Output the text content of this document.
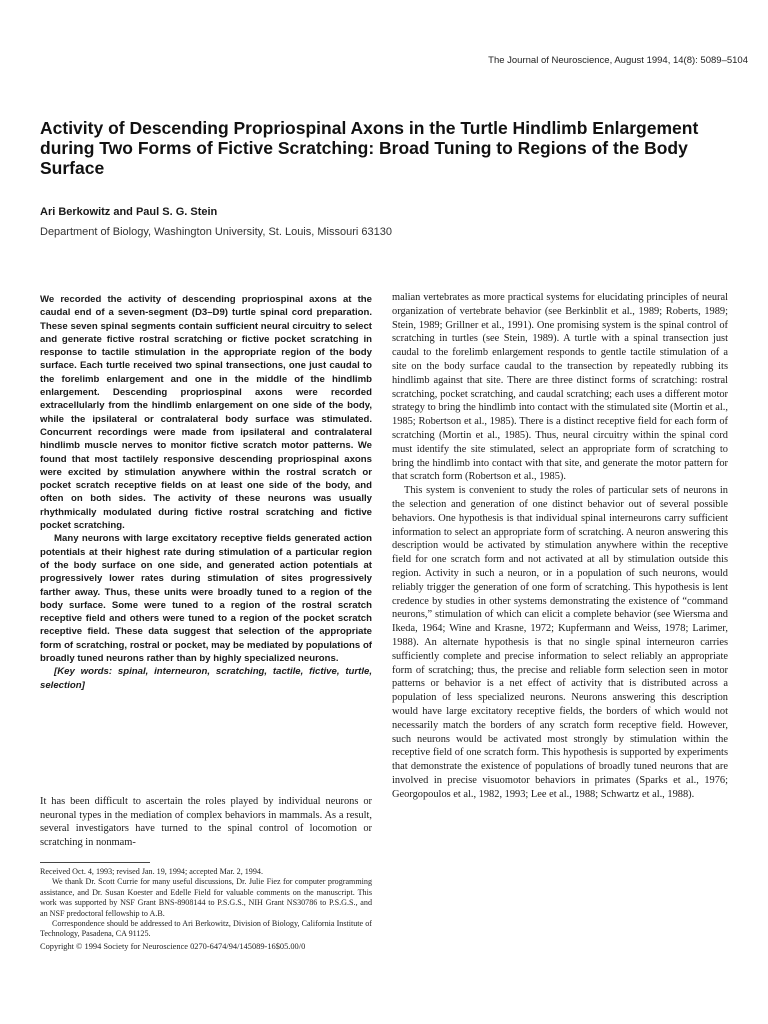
The Journal of Neuroscience, August 1994, 14(8): 5089–5104
Activity of Descending Propriospinal Axons in the Turtle Hindlimb Enlargement during Two Forms of Fictive Scratching: Broad Tuning to Regions of the Body Surface
Ari Berkowitz and Paul S. G. Stein
Department of Biology, Washington University, St. Louis, Missouri 63130

We recorded the activity of descending propriospinal axons at the caudal end of a seven-segment (D3–D9) turtle spinal cord preparation. These seven spinal segments contain sufficient neural circuitry to select and generate fictive rostral scratching or fictive pocket scratching in response to tactile stimulation in the appropriate region of the body surface. Each turtle received two spinal transections, one just caudal to the forelimb enlargement and one in the middle of the hindlimb enlargement. Descending propriospinal axons were recorded extracellularly from the hindlimb enlargement on one side of the body, while the ipsilateral or contralateral body surface was stimulated. Concurrent recordings were made from ipsilateral and contralateral hindlimb muscle nerves to monitor fictive scratch motor patterns. We found that most tactilely responsive descending propriospinal axons were excited by stimulation anywhere within the rostral scratch or pocket scratch receptive fields on at least one side of the body, and often on both sides. The activity of these neurons was usually rhythmically modulated during fictive rostral scratching and fictive pocket scratching.

Many neurons with large excitatory receptive fields generated action potentials at their highest rate during stimulation of a particular region of the body surface on one side, and generated action potentials at progressively lower rates during stimulation of sites progressively farther away. Thus, these units were broadly tuned to a region of the body surface. Some were tuned to a region of the rostral scratch receptive field and others were tuned to a region of the pocket scratch receptive field. These data suggest that selection of the appropriate form of scratching, rostral or pocket, may be mediated by populations of broadly tuned neurons rather than by highly specialized neurons.

[Key words: spinal, interneuron, scratching, tactile, fictive, turtle, selection]

It has been difficult to ascertain the roles played by individual neurons or neuronal types in the mediation of complex behaviors in mammals. As a result, several investigators have turned to the spinal control of locomotion or scratching in nonmam-

Received Oct. 4, 1993; revised Jan. 19, 1994; accepted Mar. 2, 1994.

We thank Dr. Scott Currie for many useful discussions, Dr. Julie Fiez for computer programming assistance, and Dr. Susan Koester and Edelle Field for valuable comments on the manuscript. This work was supported by NSF Grant BNS-8908144 to P.S.G.S., NIH Grant NS30786 to P.S.G.S., and an NSF predoctoral fellowship to A.B.

Correspondence should be addressed to Ari Berkowitz, Division of Biology, California Institute of Technology, Pasadena, CA 91125.

Copyright © 1994 Society for Neuroscience 0270-6474/94/145089-16$05.00/0

malian vertebrates as more practical systems for elucidating principles of neural organization of vertebrate behavior (see Berkinblit et al., 1989; Roberts, 1989; Stein, 1989; Grillner et al., 1991). One promising system is the spinal control of scratching in turtles (see Stein, 1989). A turtle with a spinal transection just caudal to the forelimb enlargement responds to gentle tactile stimulation of a site on the body surface caudal to the transection by repeatedly rubbing its hindlimb against that site. There are three distinct forms of scratching: rostral scratching, pocket scratching, and caudal scratching; each uses a different motor strategy to bring the hindlimb into contact with the stimulated site (Mortin et al., 1985; Robertson et al., 1985). There is a distinct receptive field for each form of scratching (Mortin et al., 1985). Thus, neural circuitry within the spinal cord must identify the site stimulated, select an appropriate form of scratching to bring the hindlimb into contact with that site, and generate the motor pattern for that scratch form (Robertson et al., 1985).

This system is convenient to study the roles of particular sets of neurons in the selection and generation of one distinct behavior out of several possible behaviors. One hypothesis is that individual spinal interneurons carry sufficient information to select an appropriate form of scratching. A neuron answering this description would be activated by stimulation anywhere within the receptive field for one scratch form and not activated at all by stimulation outside this region. Activity in such a neuron, or in a population of such neurons, would reliably trigger the generation of one form of scratching. This hypothesis is lent credence by studies in other systems demonstrating the existence of “command neurons,” stimulation of which can elicit a complete behavior (see Wiersma and Ikeda, 1964; Wine and Krasne, 1972; Kupfermann and Weiss, 1978; Larimer, 1988). An alternate hypothesis is that no single spinal interneuron carries sufficiently complete and precise information to select reliably an appropriate form of scratching; thus, the precise and reliable form selection seen in motor patterns or behavior is a net effect of activity that is distributed across a population of less specialized neurons. Neurons answering this description would have large excitatory receptive fields, the borders of which would not necessarily match the borders of any scratch form receptive field. However, such neurons would be activated most strongly by stimulation within the receptive field of one scratch form. This hypothesis is supported by experiments that demonstrate the existence of populations of broadly tuned neurons that are involved in precise visuomotor behaviors in primates (Sparks et al., 1976; Georgopoulos et al., 1982, 1993; Lee et al., 1988; Schwartz et al., 1988).
